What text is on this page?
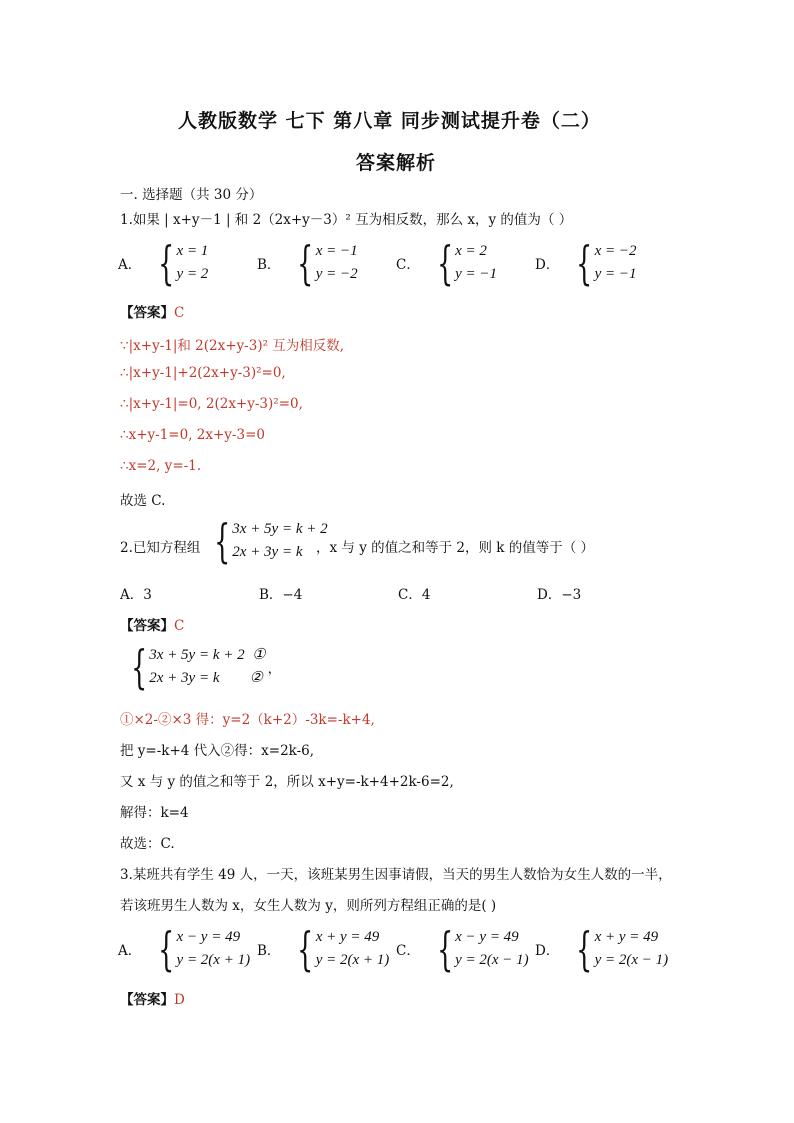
人教版数学 七下 第八章 同步测试提升卷（二）
答案解析
一. 选择题（共 30 分）
1.如果 | x+y－1 | 和 2（2x+y－3）² 互为相反数，那么 x，y 的值为（ ）
A． { x = 1
y = 2
B． { x = −1
y = −2
C． { x = 2
y = −1
D． { x = −2
y = −1
【答案】C
∵|x+y-1|和 2(2x+y-3)² 互为相反数,
∴|x+y-1|+2(2x+y-3)²=0,
∴|x+y-1|=0, 2(2x+y-3)²=0,
∴x+y-1=0, 2x+y-3=0
∴x=2, y=-1.
故选 C.
2.已知方程组 { 3x + 5y = k + 2
2x + 3y = k	，x 与 y 的值之和等于 2，则 k 的值等于（ ）
A．3	B．−4	C．4	D．−3
【答案】C
{ 3x + 5y = k + 2  ①
2x + 3y = k        ②
，
①×2-②×3 得：y=2（k+2）-3k=-k+4,
把 y=-k+4 代入②得：x=2k-6,
又 x 与 y 的值之和等于 2，所以 x+y=-k+4+2k-6=2,
解得：k=4
故选：C.
3.某班共有学生 49 人，一天，该班某男生因事请假，当天的男生人数恰为女生人数的一半，
若该班男生人数为 x，女生人数为 y，则所列方程组正确的是( )
A． { x − y = 49
y = 2(x + 1)
B． { x + y = 49
y = 2(x + 1)
C． { x − y = 49
y = 2(x − 1)
D． { x + y = 49
y = 2(x − 1)
【答案】D
